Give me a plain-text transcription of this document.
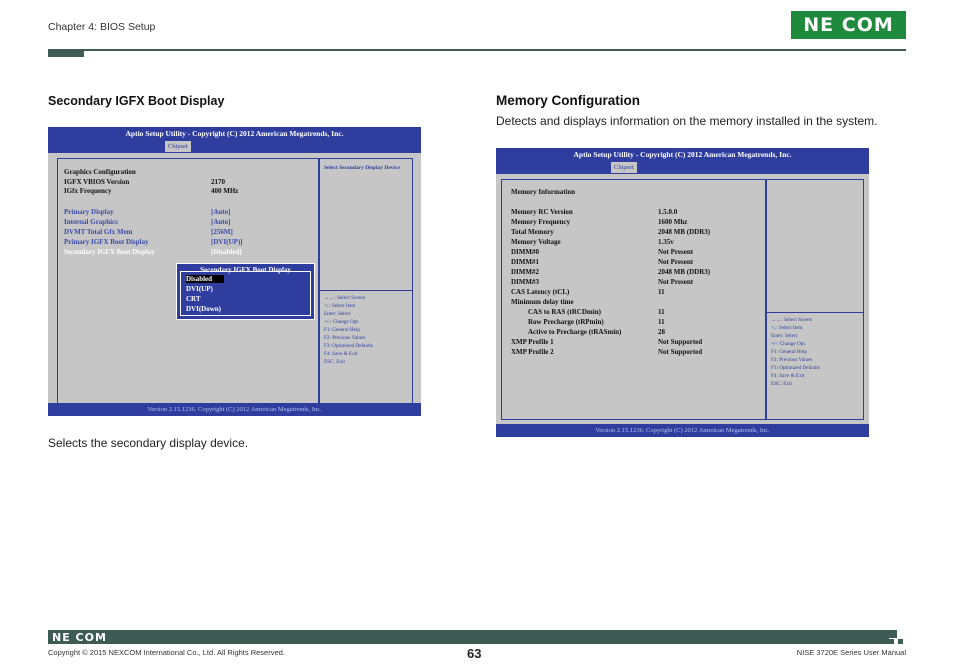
Chapter 4: BIOS Setup	NE COM
Secondary IGFX Boot Display
Aptio Setup Utility - Copyright (C) 2012 American Megatrends, Inc.
Chipset
Graphics Configuration
IGFX VBIOS Version	2170
IGfx Frequency	400 MHz
Primary Display	[Auto]
Internal Graphics	[Auto]
DVMT Total Gfx Mem	[256M]
Primary IGFX Boot Display	[DVI(UP)]
Secondary IGFX Boot Display	[Disabled]
Secondary IGFX Boot Display
Disabled
DVI(UP)
CRT
DVI(Down)
Select Secondary Display Device
→←: Select Screen
↑↓: Select Item
Enter: Select
+/-: Change Opt.
F1: General Help
F2: Previous Values
F3: Optimized Defaults
F4: Save & Exit
ESC: Exit
Version 2.15.1236. Copyright (C) 2012 American Megatrends, Inc.
Selects the secondary display device.
Memory Configuration
Detects and displays information on the memory installed in the system.
Aptio Setup Utility - Copyright (C) 2012 American Megatrends, Inc.
Chipset
Memory Information
Memory RC Version	1.5.0.0
Memory Frequency	1600 Mhz
Total Memory	2048 MB (DDR3)
Memory Voltage	1.35v
DIMM#0	Not Present
DIMM#1	Not Present
DIMM#2	2048 MB (DDR3)
DIMM#3	Not Present
CAS Latency (tCL)	11
Minimum delay time
CAS to RAS (tRCDmin)	11
Row Precharge (tRPmin)	11
Active to Precharge (tRASmin)	28
XMP Profile 1	Not Supported
XMP Profile 2	Not Supported
→←: Select Screen
↑↓: Select Item
Enter: Select
+/-: Change Opt.
F1: General Help
F2: Previous Values
F3: Optimized Defaults
F4: Save & Exit
ESC: Exit
Version 2.15.1236. Copyright (C) 2012 American Megatrends, Inc.
NE COM
Copyright © 2015 NEXCOM International Co., Ltd. All Rights Reserved.	63	NISE 3720E Series User Manual
